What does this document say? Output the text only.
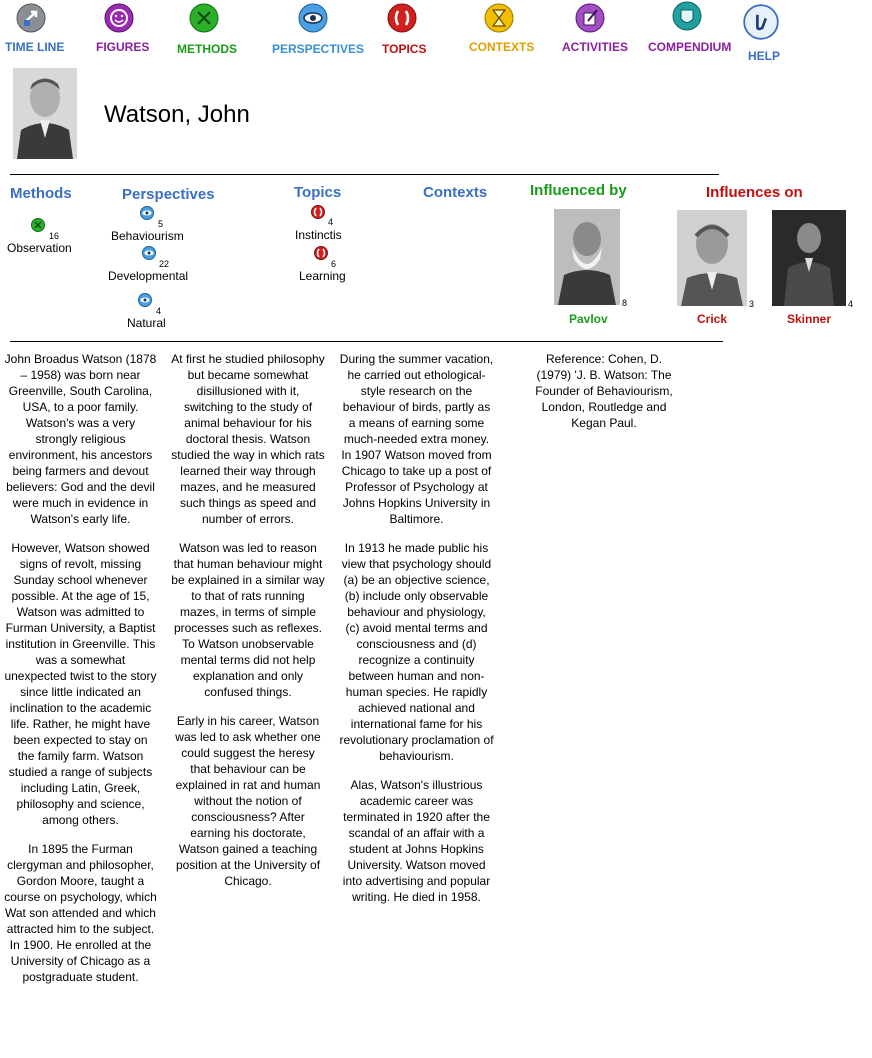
TIME LINE	FIGURES METHODS	PERSPECTIVES TOPICS	CONTEXTS ACTIVITIES COMPENDIUM
HELP
Watson, John
Methods	Perspectives	Topics	Contexts	Influenced by	Influences on
16
Observation
5
Behaviourism
22
Developmental
4
Natural
4
Instinctis
6
Learning
8
Pavlov
3
Crick
4
Skinner

John Broadus Watson (1878 – 1958) was born near Greenville, South Carolina, USA, to a poor family. Watson's was a very strongly religious environment, his ancestors being farmers and devout believers: God and the devil were much in evidence in Watson's early life.

However, Watson showed signs of revolt, missing Sunday school whenever possible. At the age of 15, Watson was admitted to Furman University, a Baptist institution in Greenville. This was a somewhat unexpected twist to the story since little indicated an inclination to the academic life. Rather, he might have been expected to stay on the family farm. Watson studied a range of subjects including Latin, Greek, philosophy and science, among others.

In 1895 the Furman clergyman and philosopher, Gordon Moore, taught a course on psychology, which Wat son attended and which attracted him to the subject. In 1900. He enrolled at the University of Chicago as a postgraduate student.

At first he studied philosophy but became somewhat disillusioned with it, switching to the study of animal behaviour for his doctoral thesis. Watson studied the way in which rats learned their way through mazes, and he measured such things as speed and number of errors.

Watson was led to reason that human behaviour might be explained in a similar way to that of rats running mazes, in terms of simple processes such as reflexes. To Watson unobservable mental terms did not help explanation and only confused things.

Early in his career, Watson was led to ask whether one could suggest the heresy that behaviour can be explained in rat and human without the notion of consciousness? After earning his doctorate, Watson gained a teaching position at the University of Chicago.

During the summer vacation, he carried out ethological-style research on the behaviour of birds, partly as a means of earning some much-needed extra money. In 1907 Watson moved from Chicago to take up a post of Professor of Psychology at Johns Hopkins University in Baltimore.

In 1913 he made public his view that psychology should (a) be an objective science, (b) include only observable behaviour and physiology, (c) avoid mental terms and consciousness and (d) recognize a continuity between human and non-human species. He rapidly achieved national and international fame for his revolutionary proclamation of behaviourism.

Alas, Watson's illustrious academic career was terminated in 1920 after the scandal of an affair with a student at Johns Hopkins University. Watson moved into advertising and popular writing. He died in 1958.

Reference: Cohen, D. (1979) 'J. B. Watson: The Founder of Behaviourism, London, Routledge and Kegan Paul.
